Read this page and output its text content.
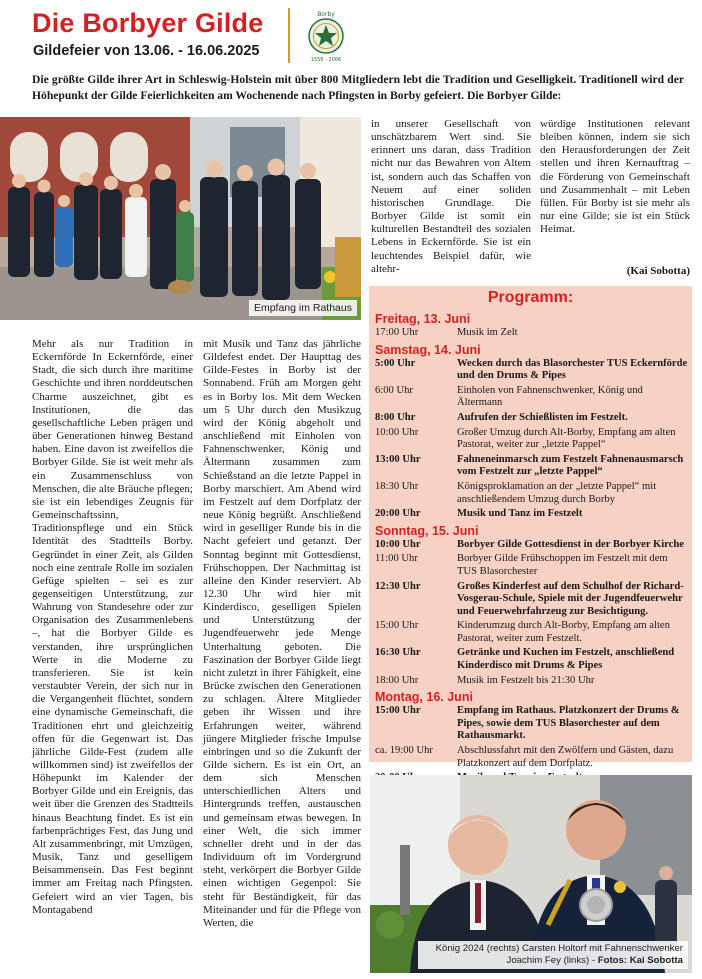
Die Borbyer Gilde
Gildefeier von 13.06. - 16.06.2025
Borby
1556 - 2006
Die größte Gilde ihrer Art in Schleswig-Holstein mit über 800 Mitgliedern lebt die Tradition und Geselligkeit. Traditionell wird der Höhepunkt der Gilde Feierlichkeiten am Wochenende nach Pfingsten in Borby gefeiert. Die Borbyer Gilde:
Empfang im Rathaus
Mehr als nur Tradition in Eckernförde In Eckernförde, einer Stadt, die sich durch ihre maritime Geschichte und ihren norddeutschen Charme auszeichnet, gibt es Institutionen, die das gesellschaftliche Leben prägen und über Generationen hinweg Bestand haben. Eine davon ist zweifellos die Borbyer Gilde. Sie ist weit mehr als ein Zusammenschluss von Menschen, die alte Bräuche pflegen; sie ist ein lebendiges Zeugnis für Gemeinschaftssinn, Traditionspflege und ein Stück Identität des Stadtteils Borby. Gegründet in einer Zeit, als Gilden noch eine zentrale Rolle im sozialen Gefüge spielten – sei es zur gegenseitigen Unterstützung, zur Wahrung von Standesehre oder zur Organisation des Zusammenlebens –, hat die Borbyer Gilde es verstanden, ihre ursprünglichen Werte in die Moderne zu transferieren. Sie ist kein verstaubter Verein, der sich nur in die Vergangenheit flüchtet, sondern eine dynamische Gemeinschaft, die Traditionen ehrt und gleichzeitig offen für die Gegenwart ist. Das jährliche Gilde-Fest (zudem alle willkommen sind) ist zweifellos der Höhepunkt im Kalender der Borbyer Gilde und ein Ereignis, das weit über die Grenzen des Stadtteils hinaus Beachtung findet. Es ist ein farbenprächtiges Fest, das Jung und Alt zusammenbringt, mit Umzügen, Musik, Tanz und geselligem Beisammensein. Das Fest beginnt immer am Freitag nach Pfingsten. Gefeiert wird an vier Tagen, bis Montagabend
mit Musik und Tanz das jährliche Gildefest endet. Der Haupttag des Gilde-Festes in Borby ist der Sonnabend. Früh am Morgen geht es in Borby los. Mit dem Wecken um 5 Uhr durch den Musikzug wird der König abgeholt und anschließend mit Einholen von Fahnenschwenker, König und Ältermann zusammen zum Schießstand an die letzte Pappel in Borby marschiert. Am Abend wird im Festzelt auf dem Dorfplatz der neue König begrüßt. Anschließend wird in geselliger Runde bis in die Nacht gefeiert und getanzt. Der Sonntag beginnt mit Gottesdienst, Frühschoppen. Der Nachmittag ist alleine den Kinder reserviert. Ab 12.30 Uhr wird hier mit Kinderdisco, geselligen Spielen und Unterstützung der Jugendfeuerwehr jede Menge Unterhaltung geboten. Die Faszination der Borbyer Gilde liegt nicht zuletzt in ihrer Fähigkeit, eine Brücke zwischen den Generationen zu schlagen. Ältere Mitglieder geben ihr Wissen und ihre Erfahrungen weiter, während jüngere Mitglieder frische Impulse einbringen und so die Zukunft der Gilde sichern. Es ist ein Ort, an dem sich Menschen unterschiedlichen Alters und Hintergrunds treffen, austauschen und gemeinsam etwas bewegen. In einer Welt, die sich immer schneller dreht und in der das Individuum oft im Vordergrund steht, verkörpert die Borbyer Gilde einen wichtigen Gegenpol: Sie steht für Beständigkeit, für das Miteinander und für die Pflege von Werten, die
in unserer Gesellschaft von unschätzbarem Wert sind. Sie erinnert uns daran, dass Tradition nicht nur das Bewahren von Altem ist, sondern auch das Schaffen von Neuem auf einer soliden historischen Grundlage. Die Borbyer Gilde ist somit ein kulturellen Bestandteil des sozialen Lebens in Eckernförde. Sie ist ein leuchtendes Beispiel dafür, wie altehr-
würdige Institutionen relevant bleiben können, indem sie sich den Herausforderungen der Zeit stellen und ihren Kernauftrag – die Förderung von Gemeinschaft und Zusammenhalt – mit Leben füllen. Für Borby ist sie mehr als nur eine Gilde; sie ist ein Stück Heimat.
(Kai Sobotta)
Programm:
Freitag, 13. Juni
17:00 Uhr	Musik im Zelt
Samstag, 14. Juni
5:00 Uhr	Wecken durch das Blasorchester TUS Eckernförde und den Drums & Pipes
6:00 Uhr	Einholen von Fahnenschwenker, König und Ältermann
8:00 Uhr	Aufrufen der Schießlisten im Festzelt.
10:00 Uhr	Großer Umzug durch Alt-Borby, Empfang am alten Pastorat, weiter zur „letzte Pappel“
13:00 Uhr	Fahneneinmarsch zum Festzelt Fahnenausmarsch vom Festzelt zur „letzte Pappel“
18:30 Uhr	Königsproklamation an der „letzte Pappel“ mit anschließendem Umzug durch Borby
20:00 Uhr	Musik und Tanz im Festzelt
Sonntag, 15. Juni
10:00 Uhr	Borbyer Gilde Gottesdienst in der Borbyer Kirche
11:00 Uhr	Borbyer Gilde Frühschoppen im Festzelt mit dem TUS Blasorchester
12:30 Uhr	Großes Kinderfest auf dem Schulhof der Richard-Vosgerau-Schule, Spiele mit der Jugendfeuerwehr und Feuerwehrfahrzeug zur Besichtigung.
15:00 Uhr	Kinderumzug durch Alt-Borby, Empfang am alten Pastorat, weiter zum Festzelt.
16:30 Uhr	Getränke und Kuchen im Festzelt, anschließend Kinderdisco mit Drums & Pipes
18:00 Uhr	Musik im Festzelt bis 21:30 Uhr
Montag, 16. Juni
15:00 Uhr	Empfang im Rathaus. Platzkonzert der Drums & Pipes, sowie dem TUS Blasorchester auf dem Rathausmarkt.
ca. 19:00 Uhr	Abschlussfahrt mit den Zwölfern und Gästen, dazu Platzkonzert auf dem Dorfplatz.
König 2024 (rechts) Carsten Holtorf mit Fahnenschwenker Joachim Fey (links) - Fotos: Kai Sobotta
